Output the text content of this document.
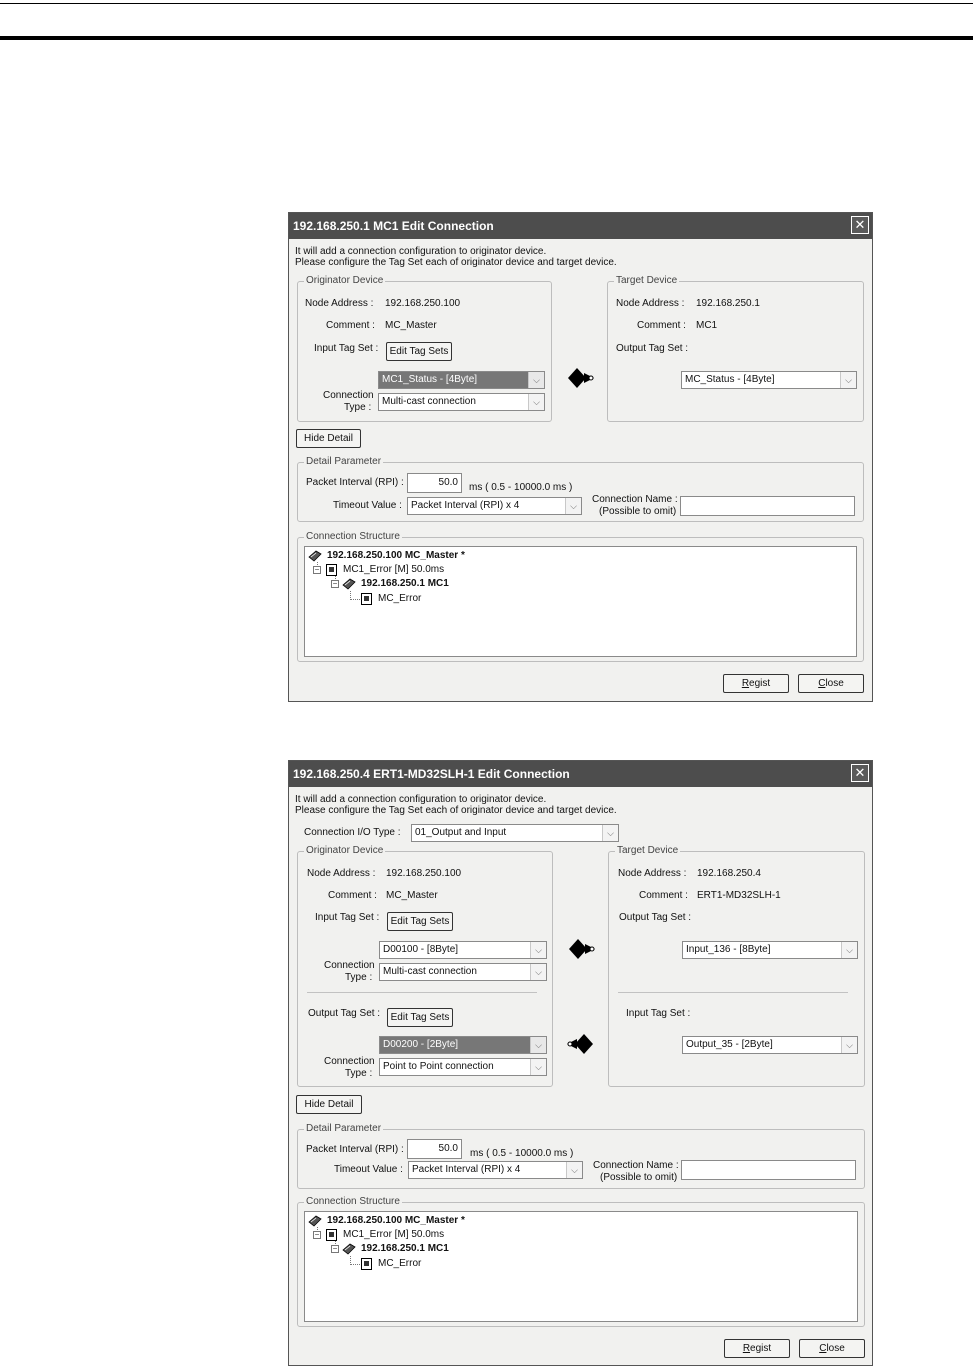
192.168.250.1 MC1 Edit Connection	✕
It will add a connection configuration to originator device.
Please configure the Tag Set each of originator device and target device.
Originator Device
Node Address : 192.168.250.100
Comment : MC_Master
Input Tag Set :	Edit Tag Sets
MC1_Status - [4Byte]	⌵
Connection
Type :
Multi-cast connection	⌵
Target Device
Node Address : 192.168.250.1
Comment : MC1
Output Tag Set :
MC_Status - [4Byte]	⌵
Hide Detail
Detail Parameter
Packet Interval (RPI) :	50.0	ms ( 0.5 - 10000.0 ms )
Timeout Value : Packet Interval (RPI) x 4	⌵
Connection Name :
(Possible to omit)
Connection Structure
192.168.250.100 MC_Master *
− MC1_Error [M] 50.0ms
− 192.168.250.1 MC1
MC_Error
Regist	Close
192.168.250.4 ERT1-MD32SLH-1 Edit Connection	✕
It will add a connection configuration to originator device.
Please configure the Tag Set each of originator device and target device.
Connection I/O Type :	01_Output and Input	⌵
Originator Device
Node Address : 192.168.250.100
Comment : MC_Master
Input Tag Set :	Edit Tag Sets
D00100 - [8Byte]	⌵
Connection
Type :
Multi-cast connection	⌵
Output Tag Set :	Edit Tag Sets
D00200 - [2Byte]	⌵
Connection
Type :
Point to Point connection	⌵
Target Device
Node Address : 192.168.250.4
Comment : ERT1-MD32SLH-1
Output Tag Set :
Input_136 - [8Byte]	⌵
Input Tag Set :
Output_35 - [2Byte]	⌵
Hide Detail
Detail Parameter
Packet Interval (RPI) :	50.0	ms ( 0.5 - 10000.0 ms )
Timeout Value : Packet Interval (RPI) x 4	⌵	Connection Name :
(Possible to omit)
Connection Structure
192.168.250.100 MC_Master *
− MC1_Error [M] 50.0ms
− 192.168.250.1 MC1
MC_Error
Regist	Close
